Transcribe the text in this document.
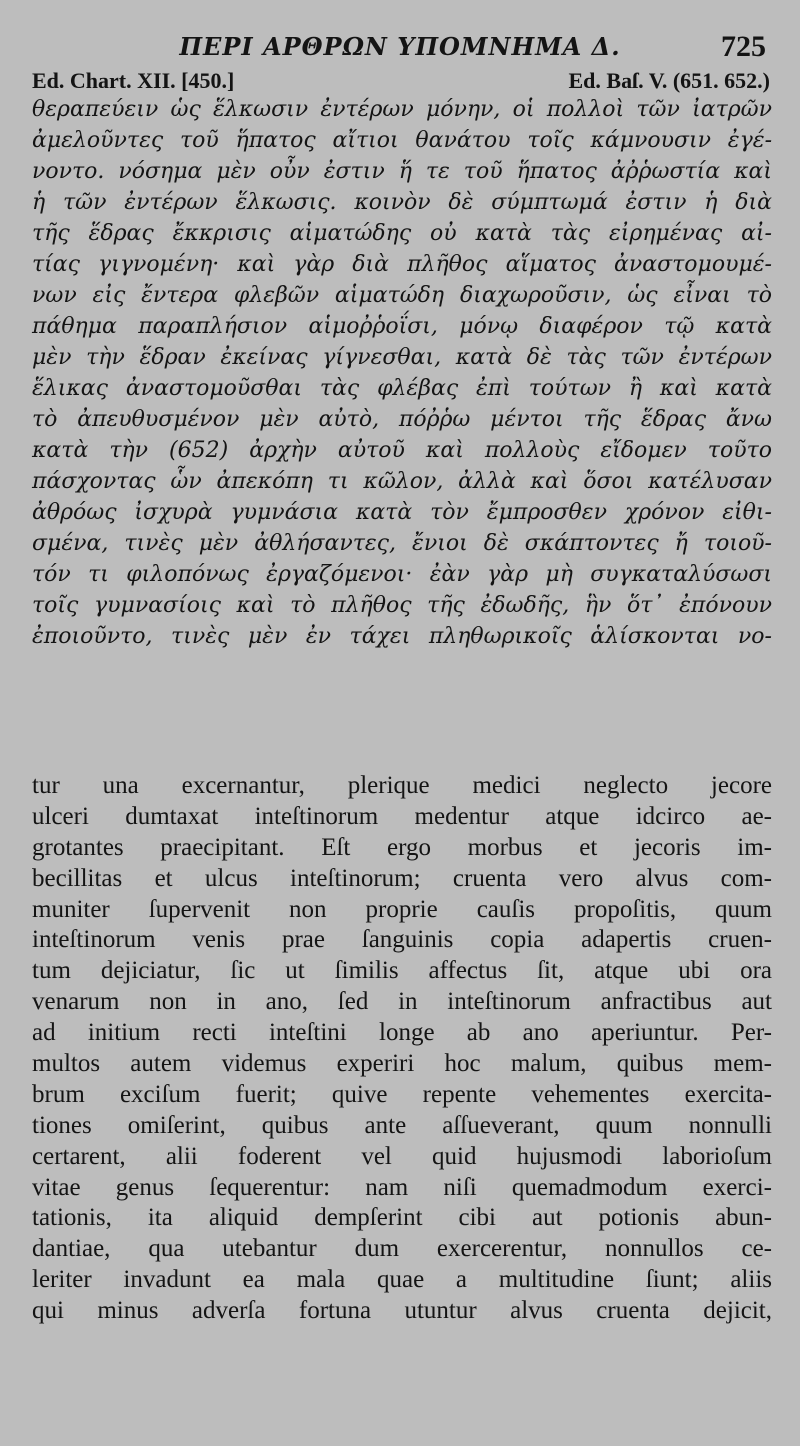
ΠΕΡΙ ΑΡΘΡΩΝ ΥΠΟΜΝΗΜΑ Δ.	725
Ed. Chart. XII. [450.]	Ed. Baſ. V. (651. 652.)
θεραπεύειν ὡς ἕλκωσιν ἐντέρων μόνην, οἱ πολλοὶ τῶν ἰατρῶν
ἀμελοῦντες τοῦ ἥπατος αἴτιοι θανάτου τοῖς κάμνουσιν ἐγέ-
νοντο. νόσημα μὲν οὖν ἐστιν ἥ τε τοῦ ἥπατος ἀῤῥωστία καὶ
ἡ τῶν ἐντέρων ἕλκωσις. κοινὸν δὲ σύμπτωμά ἐστιν ἡ διὰ
τῆς ἕδρας ἔκκρισις αἱματώδης οὐ κατὰ τὰς εἰρημένας αἰ-
τίας γιγνομένη· καὶ γὰρ διὰ πλῆθος αἵματος ἀναστομουμέ-
νων εἰς ἔντερα φλεβῶν αἱματώδη διαχωροῦσιν, ὡς εἶναι τὸ
πάθημα παραπλήσιον αἱμοῤῥοΐσι, μόνῳ διαφέρον τῷ κατὰ
μὲν τὴν ἕδραν ἐκείνας γίγνεσθαι, κατὰ δὲ τὰς τῶν ἐντέρων
ἕλικας ἀναστομοῦσθαι τὰς φλέβας ἐπὶ τούτων ἢ καὶ κατὰ
τὸ ἀπευθυσμένον μὲν αὐτὸ, πόῤῥω μέντοι τῆς ἕδρας ἄνω
κατὰ τὴν (652) ἀρχὴν αὐτοῦ καὶ πολλοὺς εἴδομεν τοῦτο
πάσχοντας ὧν ἀπεκόπη τι κῶλον, ἀλλὰ καὶ ὅσοι κατέλυσαν
ἀθρόως ἰσχυρὰ γυμνάσια κατὰ τὸν ἔμπροσθεν χρόνον εἰθι-
σμένα, τινὲς μὲν ἀθλήσαντες, ἔνιοι δὲ σκάπτοντες ἤ τοιοῦ-
τόν τι φιλοπόνως ἐργαζόμενοι· ἐὰν γὰρ μὴ συγκαταλύσωσι
τοῖς γυμνασίοις καὶ τὸ πλῆθος τῆς ἐδωδῆς, ἣν ὅτ᾽ ἐπόνουν
ἐποιοῦντο, τινὲς μὲν ἐν τάχει πληθωρικοῖς ἁλίσκονται νο-
tur una excernantur, plerique medici neglecto jecore
ulceri dumtaxat inteſtinorum medentur atque idcirco ae-
grotantes praecipitant. Eſt ergo morbus et jecoris im-
becillitas et ulcus inteſtinorum; cruenta vero alvus com-
muniter ſupervenit non proprie cauſis propoſitis, quum
inteſtinorum venis prae ſanguinis copia adapertis cruen-
tum dejiciatur, ſic ut ſimilis affectus ſit, atque ubi ora
venarum non in ano, ſed in inteſtinorum anfractibus aut
ad initium recti inteſtini longe ab ano aperiuntur. Per-
multos autem videmus experiri hoc malum, quibus mem-
brum exciſum fuerit; quive repente vehementes exercita-
tiones omiſerint, quibus ante aſſueverant, quum nonnulli
certarent, alii foderent vel quid hujusmodi laborioſum
vitae genus ſequerentur: nam niſi quemadmodum exerci-
tationis, ita aliquid dempſerint cibi aut potionis abun-
dantiae, qua utebantur dum exercerentur, nonnullos ce-
leriter invadunt ea mala quae a multitudine ſiunt; aliis
qui minus adverſa fortuna utuntur alvus cruenta dejicit,
